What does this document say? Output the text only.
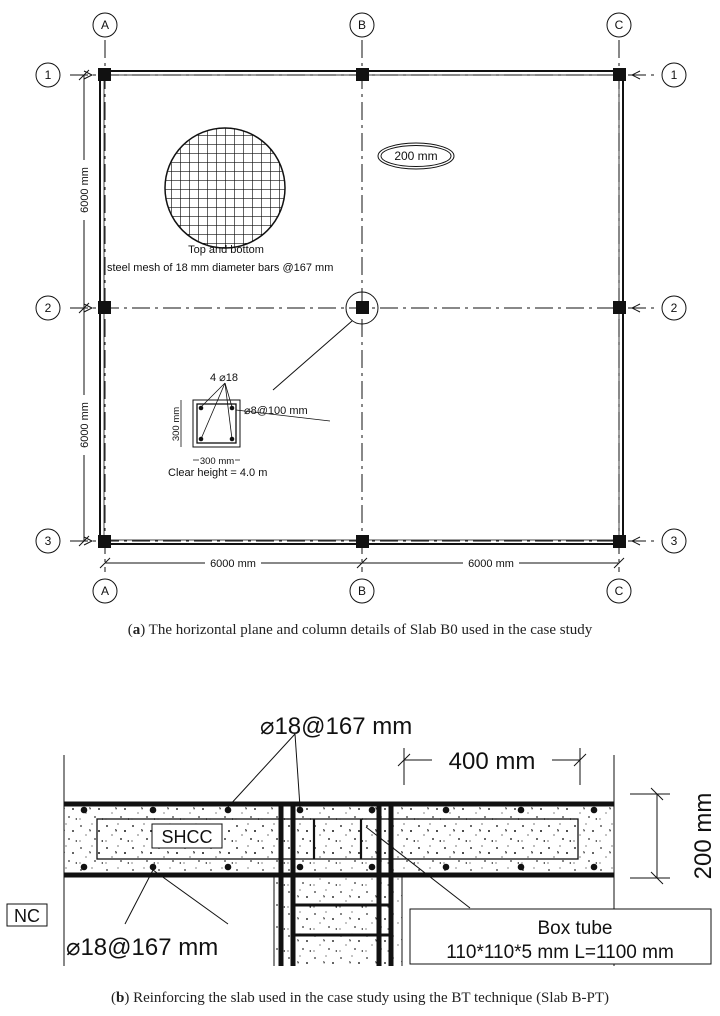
A	B	C
A	B	C
1
2
3
1
2
3
6000 mm
6000 mm
6000 mm	6000 mm
200 mm
Top and bottom
steel mesh of 18 mm diameter bars @167 mm
4 ⌀18
⌀8@100 mm
300 mm
300 mm
Clear height = 4.0 m
(a) The horizontal plane and column details of Slab B0 used in the case study
⌀18@167 mm
400 mm
200 mm
SHCC
NC
Box tube
110*110*5 mm L=1100 mm
⌀18@167 mm
(b) Reinforcing the slab used in the case study using the BT technique (Slab B-PT)
